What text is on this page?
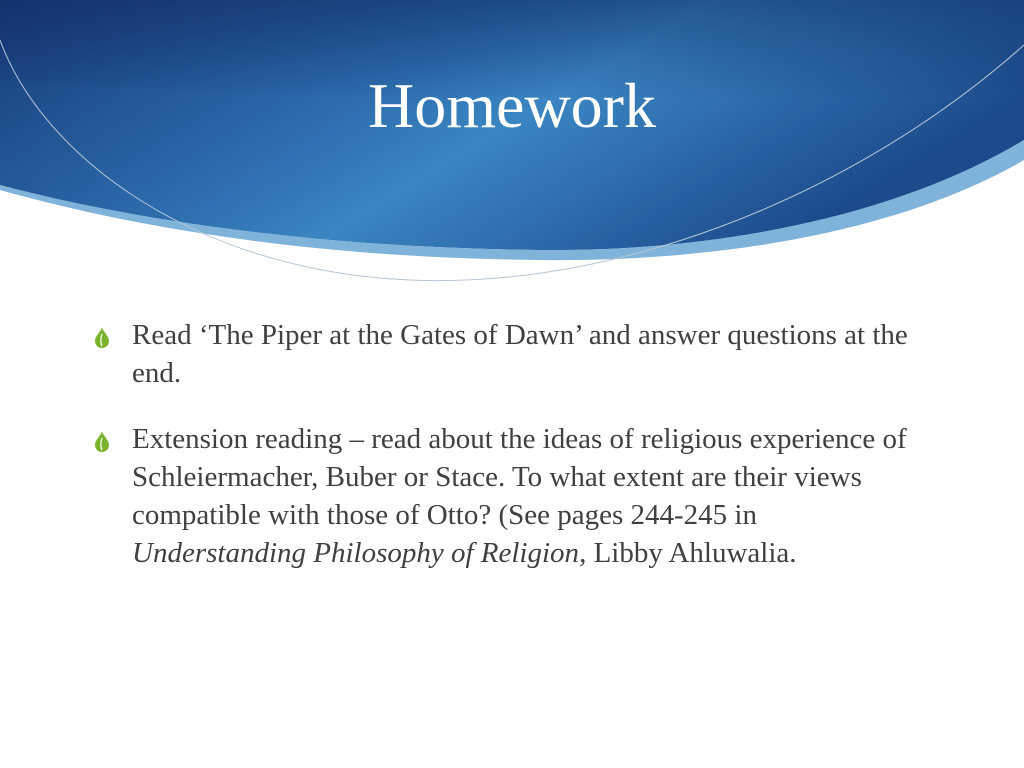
Homework
Read ‘The Piper at the Gates of Dawn’ and answer questions at the end.
Extension reading – read about the ideas of religious experience of Schleiermacher, Buber or Stace. To what extent are their views compatible with those of Otto? (See pages 244-245 in Understanding Philosophy of Religion, Libby Ahluwalia.
